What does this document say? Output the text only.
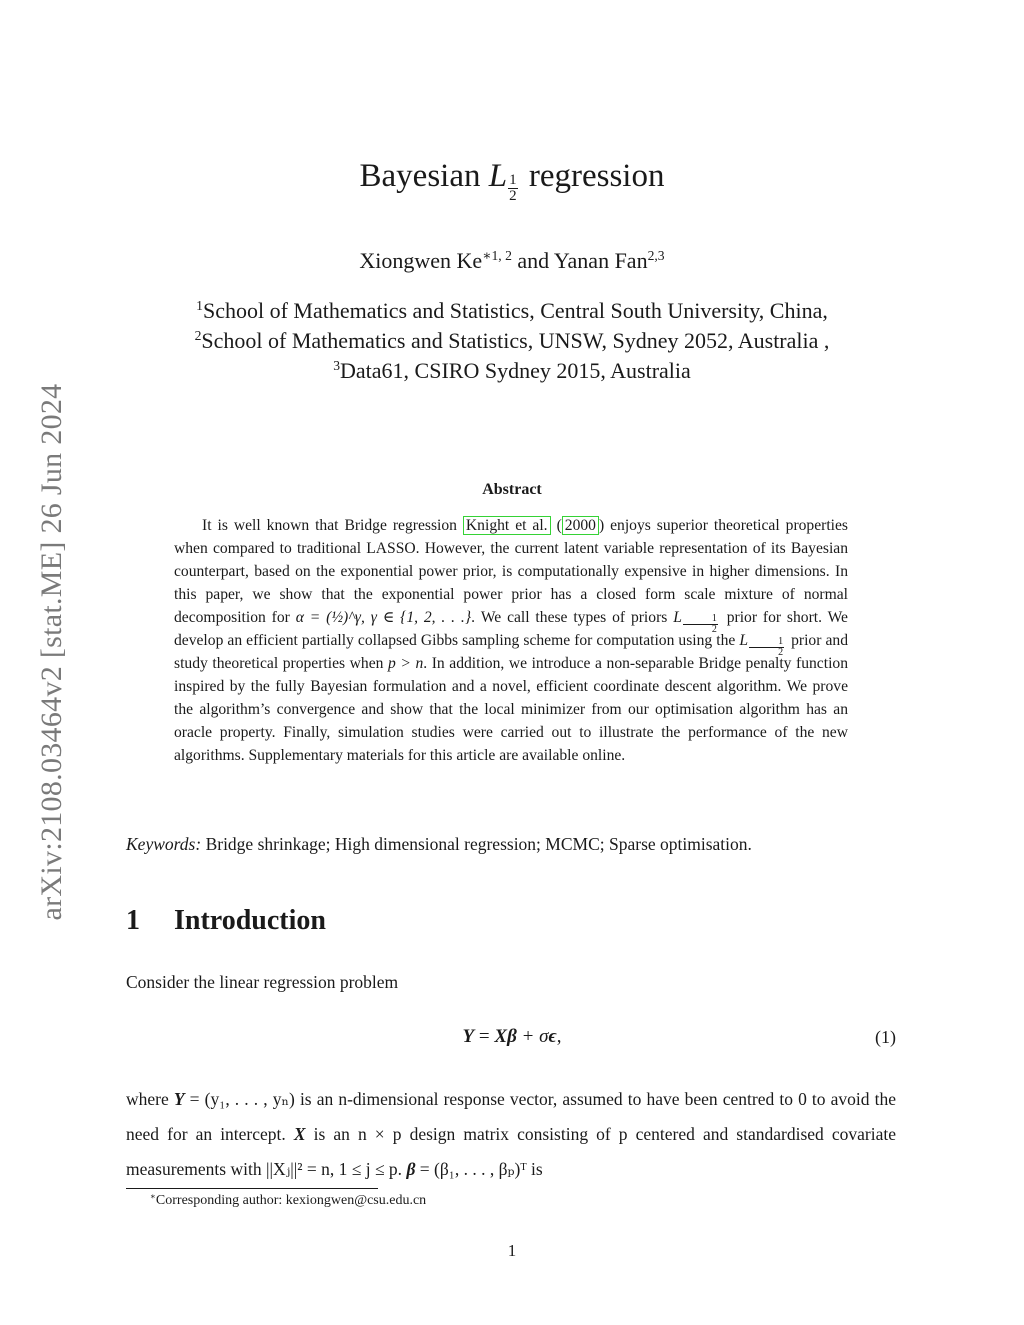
arXiv:2108.03464v2 [stat.ME] 26 Jun 2024
Bayesian L $\frac{1}{2}$ regression
Xiongwen $Ke^{∗1, 2}$ and Yanan Fan$^{2,3}$
$^1$School of Mathematics and Statistics, Central South University, China,
$^2$School of Mathematics and Statistics, UNSW, Sydney 2052, Australia ,
$^3$Data61, CSIRO Sydney 2015, Australia
Abstract
It is well known that Bridge regression Knight et al. ( 2000 ) enjoys superior theoretical properties when compared to traditional LASSO. However, the current latent variable representation of its Bayesian counterpart, based on the exponential power prior, is computationally expensive in higher dimensions. In this paper, we show that the exponential power prior has a closed form scale mixture of normal decomposition for α = (½)^γ, γ ∈ {1, 2, . . .}. We call these types of priors L $\frac{1}{2}$ prior for short. We develop an efficient partially collapsed Gibbs sampling scheme for computation using the L $\frac{1}{2}$ prior and study theoretical properties when p > n. In addition, we introduce a non-separable Bridge penalty function inspired by the fully Bayesian formulation and a novel, efficient coordinate descent algorithm. We prove the algorithm’s convergence and show that the local minimizer from our optimisation algorithm has an oracle property. Finally, simulation studies were carried out to illustrate the performance of the new algorithms. Supplementary materials for this article are available online.
Keywords: Bridge shrinkage; High dimensional regression; MCMC; Sparse optimisation.
1 Introduction
Consider the linear regression problem
Y = Xβ + σϵ,	(1)
where Y = (y₁, . . . , yₙ) is an n-dimensional response vector, assumed to have been centred to 0 to avoid the need for an intercept. X is an n × p design matrix consisting of p centered and standardised covariate measurements with ||Xⱼ||² = n, 1 ≤ j ≤ p. β = (β₁, . . . , βₚ)ᵀ is
∗Corresponding author: kexiongwen@csu.edu.cn
1
